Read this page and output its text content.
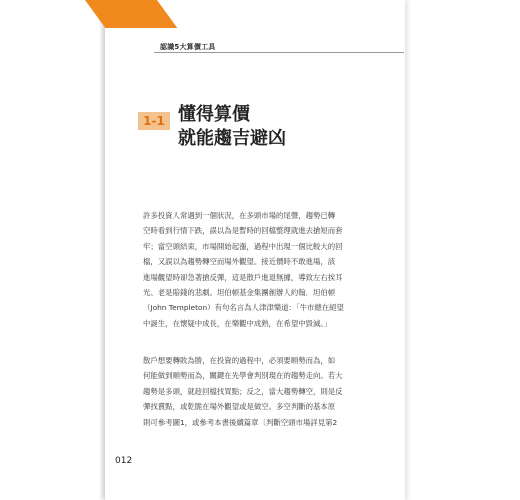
認識5大算價工具
1-1 懂得算價
就能趨吉避凶
許多投資人常遇到一個狀況，在多頭市場的尾聲，趨勢已轉
空時看到行情下跌，誤以為是暫時的回檔整理就進去搶短而套
牢；當空頭結束，市場開始起漲，過程中出現一個比較大的回
檔，又誤以為趨勢轉空而場外觀望。接近價時不敢進場，該
進場觀望時卻急著搶反彈，這是散戶進退無據，導致左右挨耳
光、老是賠錢的悲劇。坦伯頓基金集團創辦人約翰．坦伯頓
（John Templeton）有句名言為人津津樂道：「牛市總在絕望
中誕生，在懷疑中成長，在樂觀中成熟，在希望中毀滅。」
散戶想要轉敗為勝，在投資的過程中，必須要順勢而為，如
何能做到順勢而為，關鍵在先學會判別現在的趨勢走向。若大
趨勢是多頭，就趁回檔找買點；反之，當大趨勢轉空，則是反
彈找賣點，或乾脆在場外觀望或是做空。多空判斷的基本原
則可參考圖1，或參考本書後續篇章〔判斷空頭市場詳見第2
012
